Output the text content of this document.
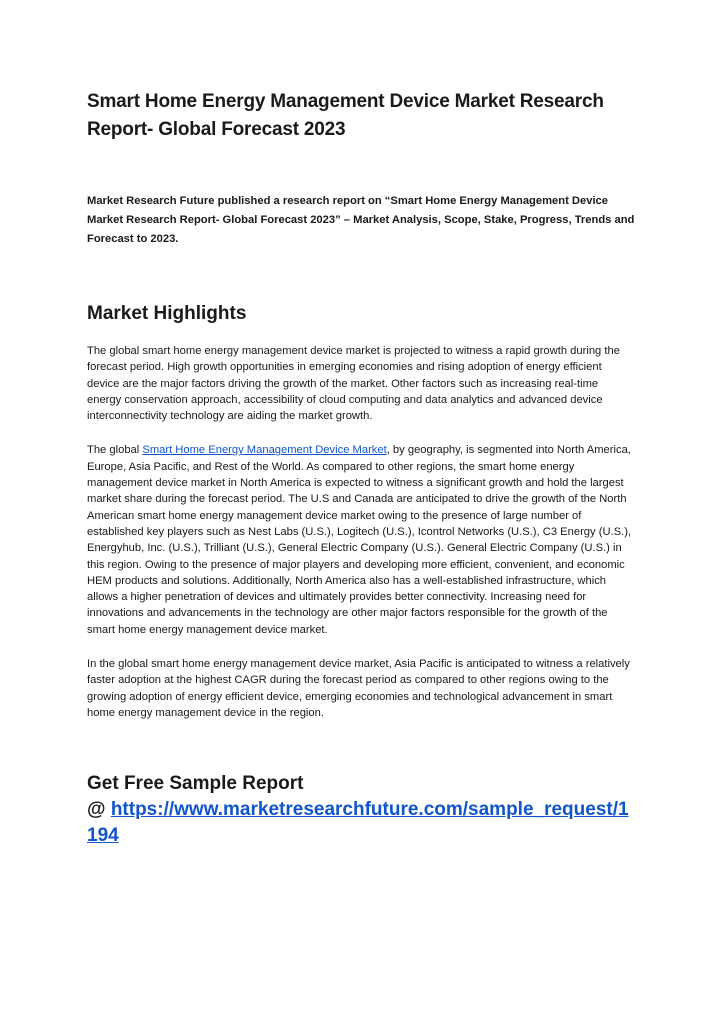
Smart Home Energy Management Device Market Research Report- Global Forecast 2023

Market Research Future published a research report on “Smart Home Energy Management Device Market Research Report- Global Forecast 2023” – Market Analysis, Scope, Stake, Progress, Trends and Forecast to 2023.

Market Highlights

The global smart home energy management device market is projected to witness a rapid growth during the forecast period. High growth opportunities in emerging economies and rising adoption of energy efficient device are the major factors driving the growth of the market. Other factors such as increasing real-time energy conservation approach, accessibility of cloud computing and data analytics and advanced device interconnectivity technology are aiding the market growth.

The global Smart Home Energy Management Device Market, by geography, is segmented into North America, Europe, Asia Pacific, and Rest of the World. As compared to other regions, the smart home energy management device market in North America is expected to witness a significant growth and hold the largest market share during the forecast period. The U.S and Canada are anticipated to drive the growth of the North American smart home energy management device market owing to the presence of large number of established key players such as Nest Labs (U.S.), Logitech (U.S.), Icontrol Networks (U.S.), C3 Energy (U.S.), Energyhub, Inc. (U.S.), Trilliant (U.S.), General Electric Company (U.S.). General Electric Company (U.S.) in this region. Owing to the presence of major players and developing more efficient, convenient, and economic HEM products and solutions. Additionally, North America also has a well-established infrastructure, which allows a higher penetration of devices and ultimately provides better connectivity. Increasing need for innovations and advancements in the technology are other major factors responsible for the growth of the smart home energy management device market.

In the global smart home energy management device market, Asia Pacific is anticipated to witness a relatively faster adoption at the highest CAGR during the forecast period as compared to other regions owing to the growing adoption of energy efficient device, emerging economies and technological advancement in smart home energy management device in the region.

Get Free Sample Report
@ https://www.marketresearchfuture.com/sample_request/1194
